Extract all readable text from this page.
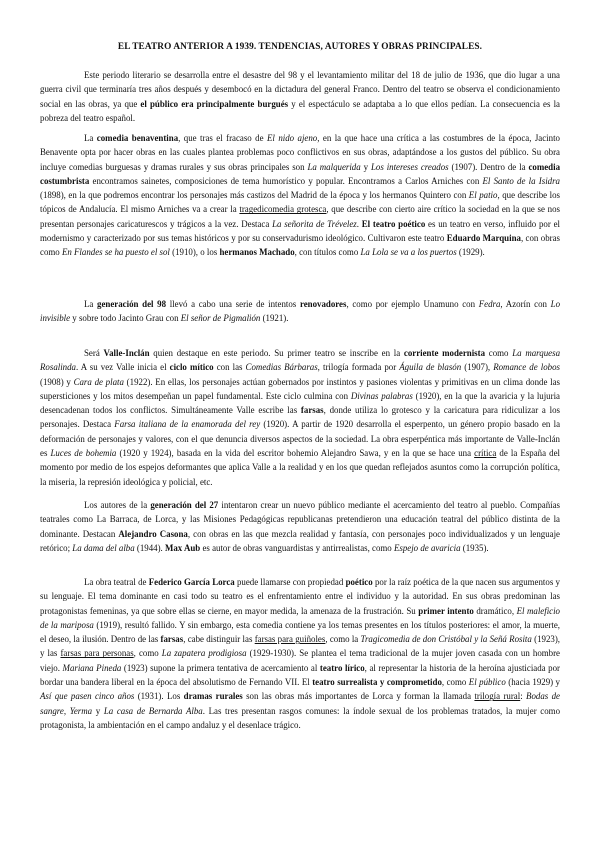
EL TEATRO ANTERIOR A 1939. TENDENCIAS, AUTORES Y OBRAS PRINCIPALES.

Este periodo literario se desarrolla entre el desastre del 98 y el levantamiento militar del 18 de julio de 1936, que dio lugar a una guerra civil que terminaría tres años después y desembocó en la dictadura del general Franco. Dentro del teatro se observa el condicionamiento social en las obras, ya que el público era principalmente burgués y el espectáculo se adaptaba a lo que ellos pedían. La consecuencia es la pobreza del teatro español.

La comedia benaventina, que tras el fracaso de El nido ajeno, en la que hace una crítica a las costumbres de la época, Jacinto Benavente opta por hacer obras en las cuales plantea problemas poco conflictivos en sus obras, adaptándose a los gustos del público. Su obra incluye comedias burguesas y dramas rurales y sus obras principales son La malquerida y Los intereses creados (1907). Dentro de la comedia costumbrista encontramos sainetes, composiciones de tema humorístico y popular. Encontramos a Carlos Arniches con El Santo de la Isidra (1898), en la que podremos encontrar los personajes más castizos del Madrid de la época y los hermanos Quintero con El patio, que describe los tópicos de Andalucía. El mismo Arniches va a crear la tragedicomedia grotesca, que describe con cierto aire crítico la sociedad en la que se nos presentan personajes caricaturescos y trágicos a la vez. Destaca La señorita de Trévelez. El teatro poético es un teatro en verso, influido por el modernismo y caracterizado por sus temas históricos y por su conservadurismo ideológico. Cultivaron este teatro Eduardo Marquina, con obras como En Flandes se ha puesto el sol (1910), o los hermanos Machado, con títulos como La Lola se va a los puertos (1929).

La generación del 98 llevó a cabo una serie de intentos renovadores, como por ejemplo Unamuno con Fedra, Azorín con Lo invisible y sobre todo Jacinto Grau con El señor de Pigmalión (1921).

Será Valle-Inclán quien destaque en este periodo. Su primer teatro se inscribe en la corriente modernista como La marquesa Rosalinda. A su vez Valle inicia el ciclo mítico con las Comedias Bárbaras, trilogía formada por Águila de blasón (1907), Romance de lobos (1908) y Cara de plata (1922). En ellas, los personajes actúan gobernados por instintos y pasiones violentas y primitivas en un clima donde las supersticiones y los mitos desempeñan un papel fundamental. Este ciclo culmina con Divinas palabras (1920), en la que la avaricia y la lujuria desencadenan todos los conflictos. Simultáneamente Valle escribe las farsas, donde utiliza lo grotesco y la caricatura para ridiculizar a los personajes. Destaca Farsa italiana de la enamorada del rey (1920). A partir de 1920 desarrolla el esperpento, un género propio basado en la deformación de personajes y valores, con el que denuncia diversos aspectos de la sociedad. La obra esperpéntica más importante de Valle-Inclán es Luces de bohemia (1920 y 1924), basada en la vida del escritor bohemio Alejandro Sawa, y en la que se hace una crítica de la España del momento por medio de los espejos deformantes que aplica Valle a la realidad y en los que quedan reflejados asuntos como la corrupción política, la miseria, la represión ideológica y policial, etc.

Los autores de la generación del 27 intentaron crear un nuevo público mediante el acercamiento del teatro al pueblo. Compañías teatrales como La Barraca, de Lorca, y las Misiones Pedagógicas republicanas pretendieron una educación teatral del público distinta de la dominante. Destacan Alejandro Casona, con obras en las que mezcla realidad y fantasía, con personajes poco individualizados y un lenguaje retórico; La dama del alba (1944). Max Aub es autor de obras vanguardistas y antirrealistas, como Espejo de avaricia (1935).

La obra teatral de Federico García Lorca puede llamarse con propiedad poético por la raíz poética de la que nacen sus argumentos y su lenguaje. El tema dominante en casi todo su teatro es el enfrentamiento entre el individuo y la autoridad. En sus obras predominan las protagonistas femeninas, ya que sobre ellas se cierne, en mayor medida, la amenaza de la frustración. Su primer intento dramático, El maleficio de la mariposa (1919), resultó fallido. Y sin embargo, esta comedia contiene ya los temas presentes en los títulos posteriores: el amor, la muerte, el deseo, la ilusión. Dentro de las farsas, cabe distinguir las farsas para guiñoles, como la Tragicomedia de don Cristóbal y la Señá Rosita (1923), y las farsas para personas, como La zapatera prodigiosa (1929-1930). Se plantea el tema tradicional de la mujer joven casada con un hombre viejo. Mariana Pineda (1923) supone la primera tentativa de acercamiento al teatro lírico, al representar la historia de la heroína ajusticiada por bordar una bandera liberal en la época del absolutismo de Fernando VII. El teatro surrealista y comprometido, como El público (hacia 1929) y Así que pasen cinco años (1931). Los dramas rurales son las obras más importantes de Lorca y forman la llamada trilogía rural: Bodas de sangre, Yerma y La casa de Bernarda Alba. Las tres presentan rasgos comunes: la índole sexual de los problemas tratados, la mujer como protagonista, la ambientación en el campo andaluz y el desenlace trágico.
